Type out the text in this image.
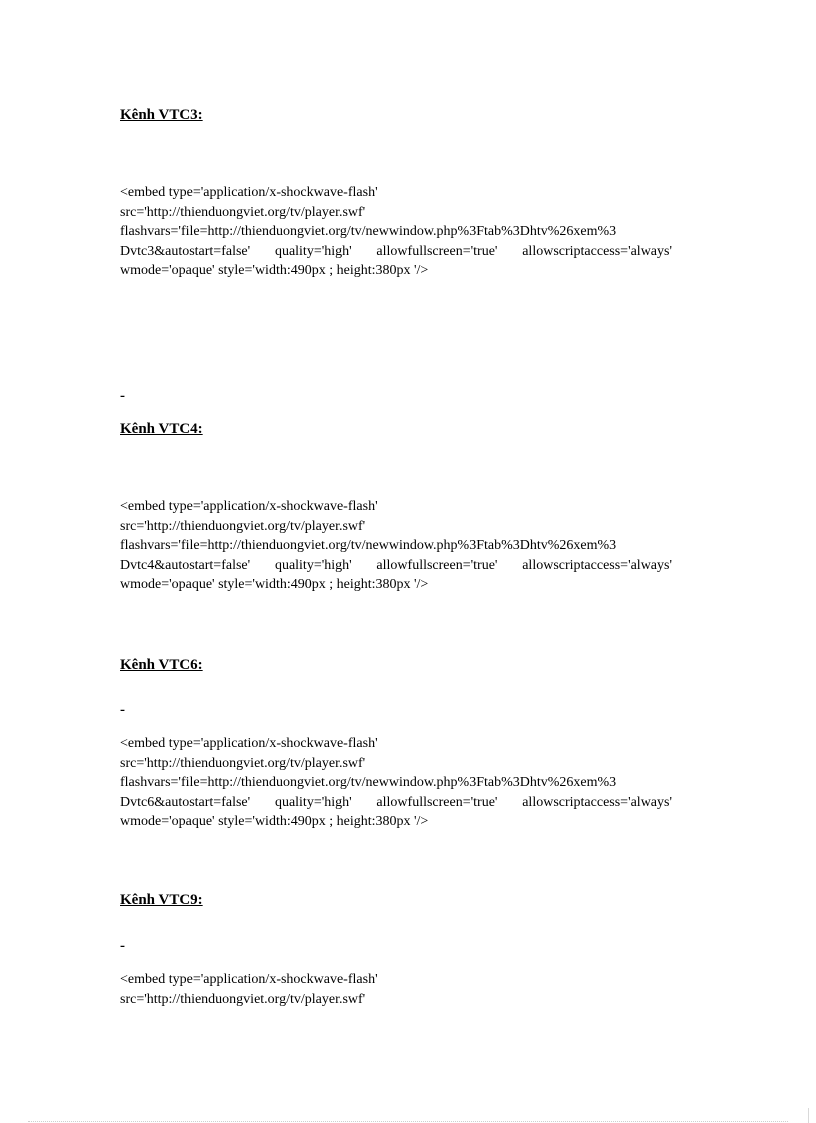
Kênh VTC3:
<embed type='application/x-shockwave-flash'
src='http://thienduongviet.org/tv/player.swf'
flashvars='file=http://thienduongviet.org/tv/newwindow.php%3Ftab%3Dhtv%26xem%3
Dvtc3&autostart=false' quality='high' allowfullscreen='true' allowscriptaccess='always'
wmode='opaque' style='width:490px ; height:380px '/>
-
Kênh VTC4:
<embed type='application/x-shockwave-flash'
src='http://thienduongviet.org/tv/player.swf'
flashvars='file=http://thienduongviet.org/tv/newwindow.php%3Ftab%3Dhtv%26xem%3
Dvtc4&autostart=false' quality='high' allowfullscreen='true' allowscriptaccess='always'
wmode='opaque' style='width:490px ; height:380px '/>
Kênh VTC6:
-
<embed type='application/x-shockwave-flash'
src='http://thienduongviet.org/tv/player.swf'
flashvars='file=http://thienduongviet.org/tv/newwindow.php%3Ftab%3Dhtv%26xem%3
Dvtc6&autostart=false' quality='high' allowfullscreen='true' allowscriptaccess='always'
wmode='opaque' style='width:490px ; height:380px '/>
Kênh VTC9:
-
<embed type='application/x-shockwave-flash'
src='http://thienduongviet.org/tv/player.swf'
